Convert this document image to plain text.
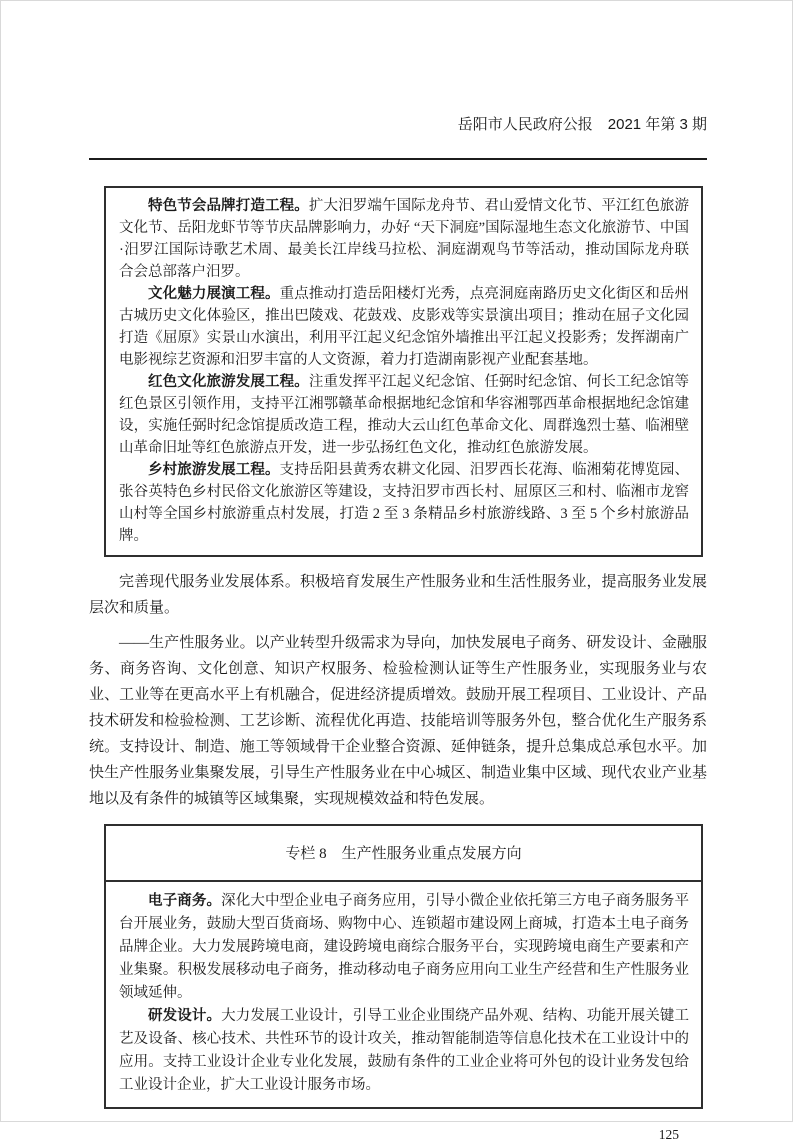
岳阳市人民政府公报　2021 年第 3 期

特色节会品牌打造工程。扩大汨罗端午国际龙舟节、君山爱情文化节、平江红色旅游文化节、岳阳龙虾节等节庆品牌影响力，办好 “天下洞庭”国际湿地生态文化旅游节、中国·汨罗江国际诗歌艺术周、最美长江岸线马拉松、洞庭湖观鸟节等活动，推动国际龙舟联合会总部落户汨罗。

文化魅力展演工程。重点推动打造岳阳楼灯光秀，点亮洞庭南路历史文化街区和岳州古城历史文化体验区，推出巴陵戏、花鼓戏、皮影戏等实景演出项目；推动在屈子文化园打造《屈原》实景山水演出，利用平江起义纪念馆外墙推出平江起义投影秀；发挥湖南广电影视综艺资源和汨罗丰富的人文资源，着力打造湖南影视产业配套基地。

红色文化旅游发展工程。注重发挥平江起义纪念馆、任弼时纪念馆、何长工纪念馆等红色景区引领作用，支持平江湘鄂赣革命根据地纪念馆和华容湘鄂西革命根据地纪念馆建设，实施任弼时纪念馆提质改造工程，推动大云山红色革命文化、周群逸烈士墓、临湘壁山革命旧址等红色旅游点开发，进一步弘扬红色文化，推动红色旅游发展。

乡村旅游发展工程。支持岳阳县黄秀农耕文化园、汨罗西长花海、临湘菊花博览园、张谷英特色乡村民俗文化旅游区等建设，支持汨罗市西长村、屈原区三和村、临湘市龙窖山村等全国乡村旅游重点村发展，打造 2 至 3 条精品乡村旅游线路、3 至 5 个乡村旅游品牌。

完善现代服务业发展体系。积极培育发展生产性服务业和生活性服务业，提高服务业发展层次和质量。

——生产性服务业。以产业转型升级需求为导向，加快发展电子商务、研发设计、金融服务、商务咨询、文化创意、知识产权服务、检验检测认证等生产性服务业，实现服务业与农业、工业等在更高水平上有机融合，促进经济提质增效。鼓励开展工程项目、工业设计、产品技术研发和检验检测、工艺诊断、流程优化再造、技能培训等服务外包，整合优化生产服务系统。支持设计、制造、施工等领域骨干企业整合资源、延伸链条，提升总集成总承包水平。加快生产性服务业集聚发展，引导生产性服务业在中心城区、制造业集中区域、现代农业产业基地以及有条件的城镇等区域集聚，实现规模效益和特色发展。

专栏 8　生产性服务业重点发展方向

电子商务。深化大中型企业电子商务应用，引导小微企业依托第三方电子商务服务平台开展业务，鼓励大型百货商场、购物中心、连锁超市建设网上商城，打造本土电子商务品牌企业。大力发展跨境电商，建设跨境电商综合服务平台，实现跨境电商生产要素和产业集聚。积极发展移动电子商务，推动移动电子商务应用向工业生产经营和生产性服务业领域延伸。

研发设计。大力发展工业设计，引导工业企业围绕产品外观、结构、功能开展关键工艺及设备、核心技术、共性环节的设计攻关，推动智能制造等信息化技术在工业设计中的应用。支持工业设计企业专业化发展，鼓励有条件的工业企业将可外包的设计业务发包给工业设计企业，扩大工业设计服务市场。

125
